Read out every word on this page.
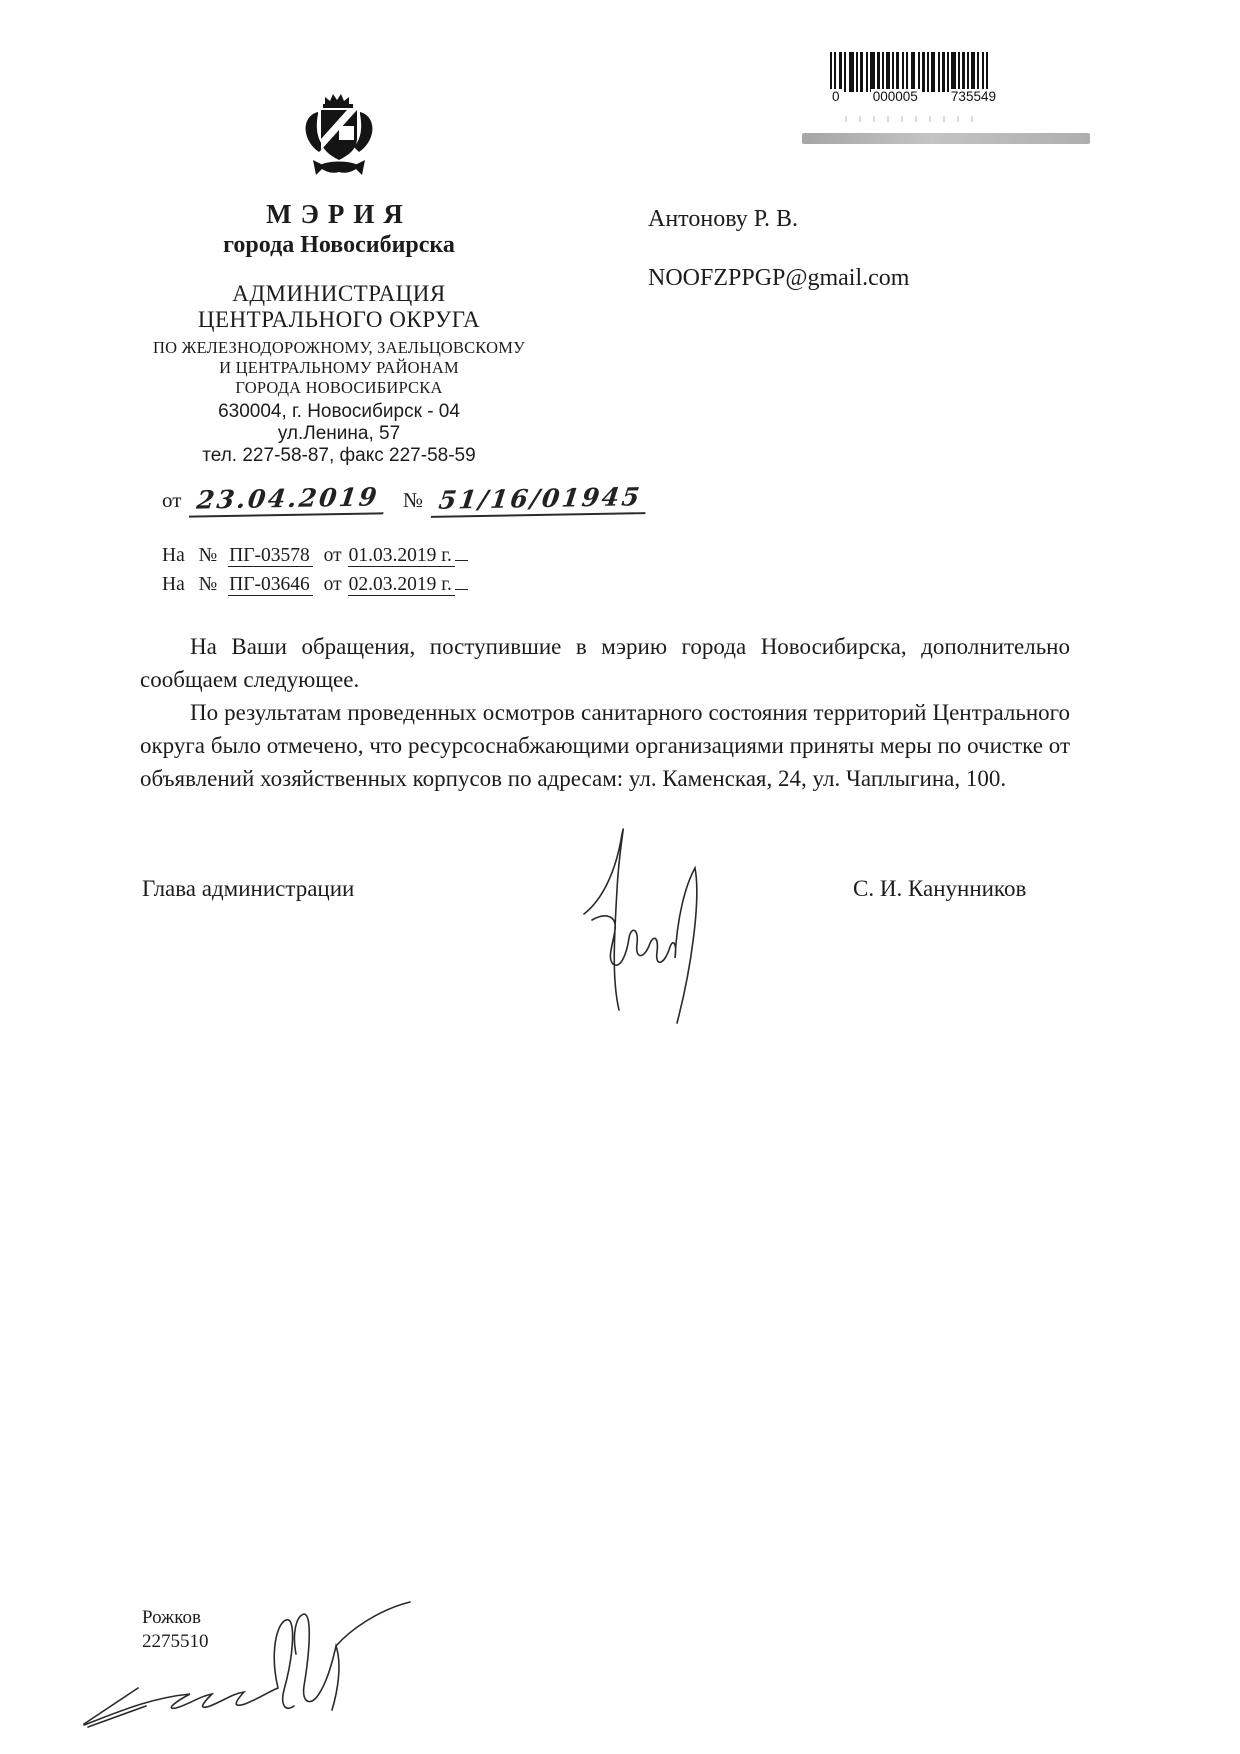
0 000005 735549
МЭРИЯ
города Новосибирска
АДМИНИСТРАЦИЯ
ЦЕНТРАЛЬНОГО ОКРУГА
ПО ЖЕЛЕЗНОДОРОЖНОМУ, ЗАЕЛЬЦОВСКОМУ
И ЦЕНТРАЛЬНОМУ РАЙОНАМ
ГОРОДА НОВОСИБИРСКА
630004, г. Новосибирск - 04
ул.Ленина, 57
тел. 227-58-87, факс 227-58-59
от 23.04.2019 № 51/16/01945
На № ПГ-03578 от 01.03.2019 г.
На № ПГ-03646 от 02.03.2019 г.
Антонову Р. В.
NOOFZPPGP@gmail.com

На Ваши обращения, поступившие в мэрию города Новосибирска, дополнительно сообщаем следующее.

По результатам проведенных осмотров санитарного состояния территорий Центрального округа было отмечено, что ресурсоснабжающими организациями приняты меры по очистке от объявлений хозяйственных корпусов по адресам: ул. Каменская, 24, ул. Чаплыгина, 100.

Глава администрации	С. И. Канунников
Рожков
2275510
